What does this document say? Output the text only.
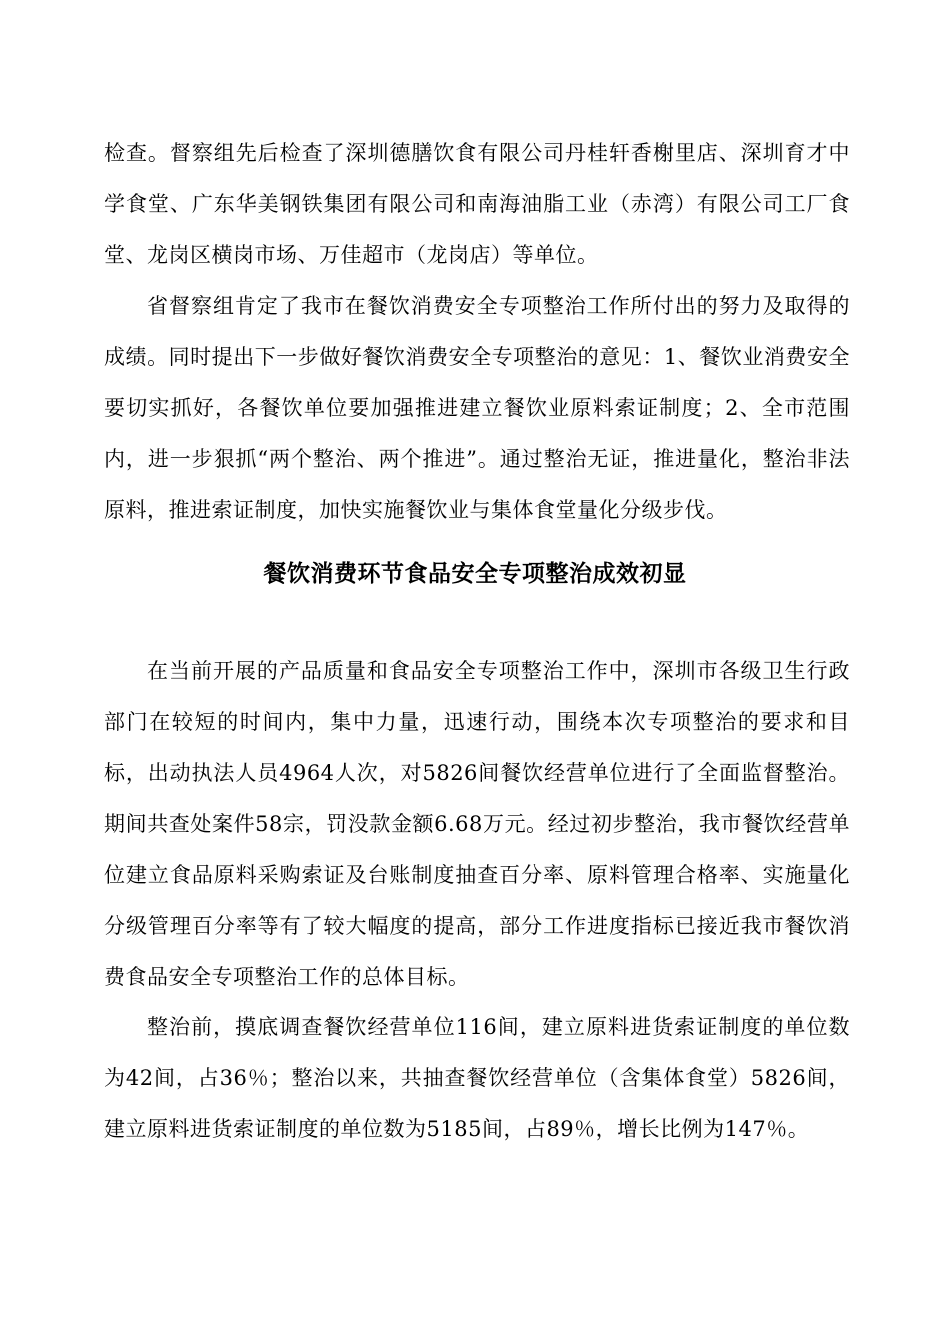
检查。督察组先后检查了深圳德膳饮食有限公司丹桂轩香榭里店、深圳育才中学食堂、广东华美钢铁集团有限公司和南海油脂工业（赤湾）有限公司工厂食堂、龙岗区横岗市场、万佳超市（龙岗店）等单位。

省督察组肯定了我市在餐饮消费安全专项整治工作所付出的努力及取得的成绩。同时提出下一步做好餐饮消费安全专项整治的意见：1、餐饮业消费安全要切实抓好，各餐饮单位要加强推进建立餐饮业原料索证制度；2、全市范围内，进一步狠抓“两个整治、两个推进”。通过整治无证，推进量化，整治非法原料，推进索证制度，加快实施餐饮业与集体食堂量化分级步伐。

餐饮消费环节食品安全专项整治成效初显

在当前开展的产品质量和食品安全专项整治工作中，深圳市各级卫生行政部门在较短的时间内，集中力量，迅速行动，围绕本次专项整治的要求和目标，出动执法人员4964人次，对5826间餐饮经营单位进行了全面监督整治。期间共查处案件58宗，罚没款金额6.68万元。经过初步整治，我市餐饮经营单位建立食品原料采购索证及台账制度抽查百分率、原料管理合格率、实施量化分级管理百分率等有了较大幅度的提高，部分工作进度指标已接近我市餐饮消费食品安全专项整治工作的总体目标。

整治前，摸底调查餐饮经营单位116间，建立原料进货索证制度的单位数为42间，占36％；整治以来，共抽查餐饮经营单位（含集体食堂）5826间，建立原料进货索证制度的单位数为5185间，占89％，增长比例为147％。
